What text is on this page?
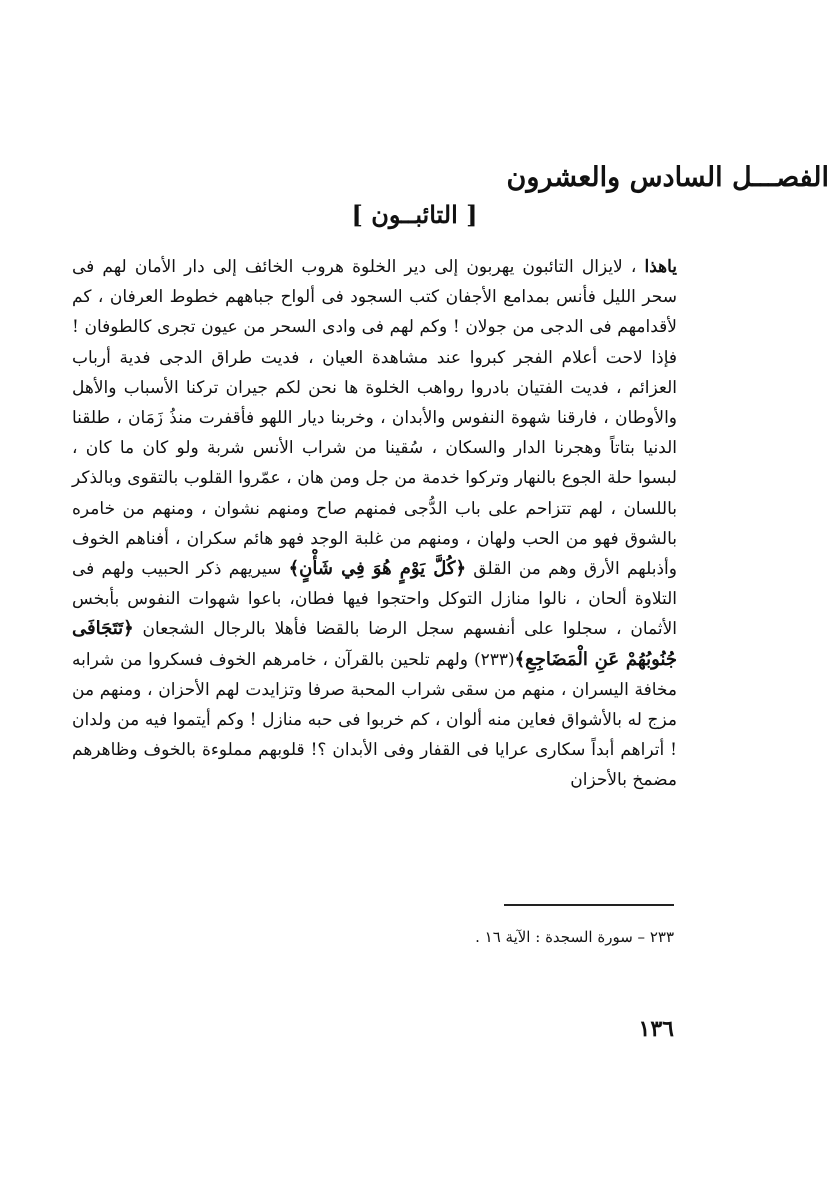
الفصـــل السادس والعشرون
[ التائبــون ]

ياهذا ، لايزال التائبون يهربون إلى دير الخلوة هروب الخائف إلى دار الأمان لهم فى سحر الليل فأنس بمدامع الأجفان كتب السجود فى ألواح جباههم خطوط العرفان ، كم لأقدامهم فى الدجى من جولان ! وكم لهم فى وادى السحر من عيون تجرى كالطوفان ! فإذا لاحت أعلام الفجر كبروا عند مشاهدة العيان ، فديت طراق الدجى فدية أرباب العزائم ، فديت الفتيان بادروا رواهب الخلوة ها نحن لكم جيران تركنا الأسباب والأهل والأوطان ، فارقنا شهوة النفوس والأبدان ، وخربنا ديار اللهو فأقفرت منذُ زَمَان ، طلقنا الدنيا بتاتاً وهجرنا الدار والسكان ، سُقينا من شراب الأنس شربة ولو كان ما كان ، لبسوا حلة الجوع بالنهار وتركوا خدمة من جل ومن هان ، عمّروا القلوب بالتقوى وبالذكر باللسان ، لهم تتزاحم على باب الدُّجى فمنهم صاح ومنهم نشوان ، ومنهم من خامره بالشوق فهو من الحب ولهان ، ومنهم من غلبة الوجد فهو هائم سكران ، أفناهم الخوف وأذبلهم الأرق وهم من القلق ﴿كُلَّ يَوْمٍ هُوَ فِي شَأْنٍ﴾ سيريهم ذكر الحبيب ولهم فى التلاوة ألحان ، نالوا منازل التوكل واحتجوا فيها فطان، باعوا شهوات النفوس بأبخس الأثمان ، سجلوا على أنفسهم سجل الرضا بالقضا فأهلا بالرجال الشجعان ﴿تَتَجَافَى جُنُوبُهُمْ عَنِ الْمَضَاجِعِ﴾(٢٣٣) ولهم تلحين بالقرآن ، خامرهم الخوف فسكروا من شرابه مخافة اليسران ، منهم من سقى شراب المحبة صرفا وتزايدت لهم الأحزان ، ومنهم من مزج له بالأشواق فعاين منه ألوان ، كم خربوا فى حبه منازل ! وكم أيتموا فيه من ولدان ! أتراهم أبداً سكارى عرايا فى القفار وفى الأبدان ؟! قلوبهم مملوءة بالخوف وظاهرهم مضمخ بالأحزان

٢٣٣ – سورة السجدة : الآية ١٦ .

١٣٦
